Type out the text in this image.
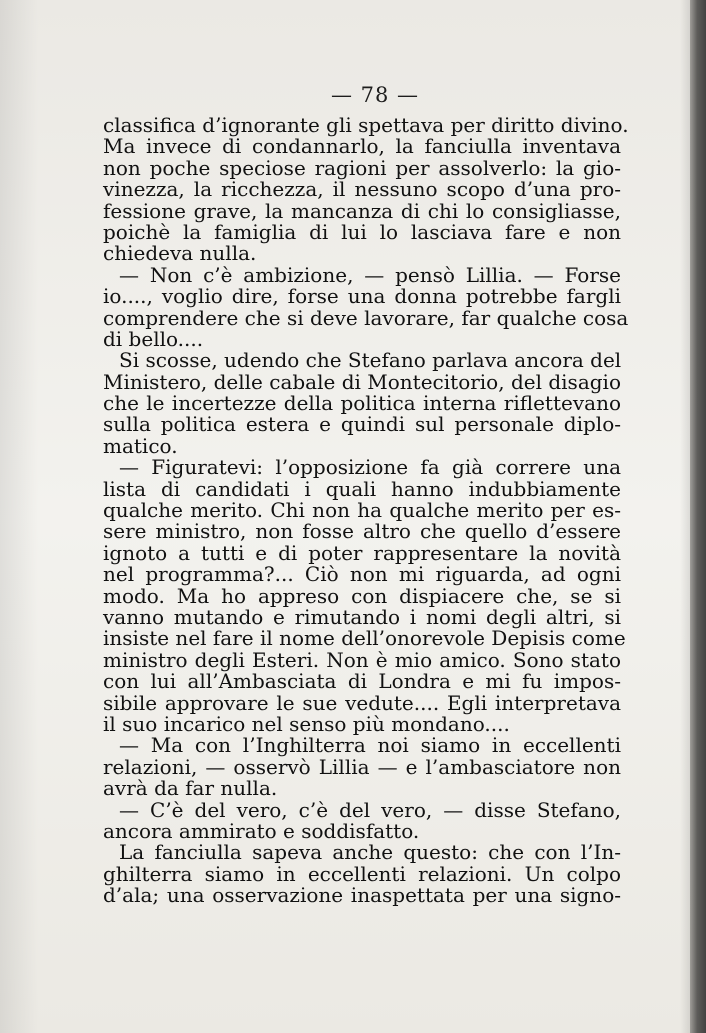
— 78 —
classifica d’ignorante gli spettava per diritto divino.
Ma invece di condannarlo, la fanciulla inventava
non poche speciose ragioni per assolverlo: la gio-
vinezza, la ricchezza, il nessuno scopo d’una pro-
fessione grave, la mancanza di chi lo consigliasse,
poichè la famiglia di lui lo lasciava fare e non
chiedeva nulla.
— Non c’è ambizione, — pensò Lillia. — Forse
io...., voglio dire, forse una donna potrebbe fargli
comprendere che si deve lavorare, far qualche cosa
di bello....
Si scosse, udendo che Stefano parlava ancora del
Ministero, delle cabale di Montecitorio, del disagio
che le incertezze della politica interna riflettevano
sulla politica estera e quindi sul personale diplo-
matico.
— Figuratevi: l’opposizione fa già correre una
lista di candidati i quali hanno indubbiamente
qualche merito. Chi non ha qualche merito per es-
sere ministro, non fosse altro che quello d’essere
ignoto a tutti e di poter rappresentare la novità
nel programma?... Ciò non mi riguarda, ad ogni
modo. Ma ho appreso con dispiacere che, se si
vanno mutando e rimutando i nomi degli altri, si
insiste nel fare il nome dell’onorevole Depisis come
ministro degli Esteri. Non è mio amico. Sono stato
con lui all’Ambasciata di Londra e mi fu impos-
sibile approvare le sue vedute.... Egli interpretava
il suo incarico nel senso più mondano....
— Ma con l’Inghilterra noi siamo in eccellenti
relazioni, — osservò Lillia — e l’ambasciatore non
avrà da far nulla.
— C’è del vero, c’è del vero, — disse Stefano,
ancora ammirato e soddisfatto.
La fanciulla sapeva anche questo: che con l’In-
ghilterra siamo in eccellenti relazioni. Un colpo
d’ala; una osservazione inaspettata per una signo-
